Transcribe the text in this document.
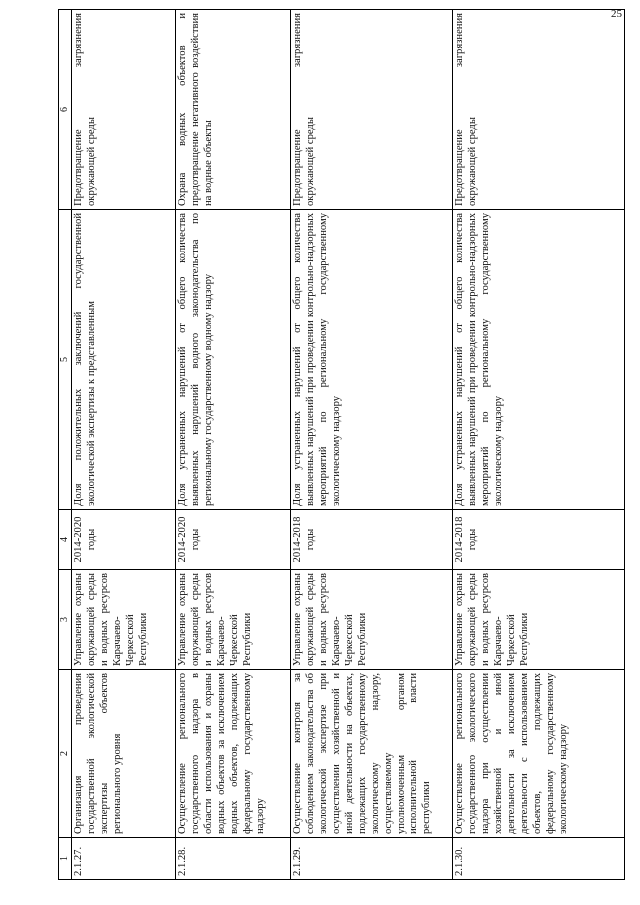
25
1	2	3	4	5	6
2.1.27.	Организация проведения государственной экологической экспертизы объектов регионального уровня	Управление охраны окружающей среды и водных ресурсов Карачаево-Черкесской Республики	2014-2020 годы	Доля положительных заключений государственной экологической экспертизы к представленным	Предотвращение загрязнения окружающей среды
2.1.28.	Осуществление регионального государственного надзора в области использования и охраны водных объектов за исключением водных объектов, подлежащих федеральному государственному надзору	Управление охраны окружающей среды и водных ресурсов Карачаево-Черкесской Республики	2014-2020 годы	Доля устраненных нарушений от общего количества выявленных нарушений водного законодательства по региональному государственному водному надзору	Охрана водных объектов и предотвращение негативного воздействия на водные объекты
2.1.29.	Осуществление контроля за соблюдением законодательства об экологической экспертизе при осуществлении хозяйственной и иной деятельности на объектах, подлежащих государственному экологическому надзору, осуществляемому уполномоченным органом исполнительной власти республики	Управление охраны окружающей среды и водных ресурсов Карачаево-Черкесской Республики	2014-2018 годы	Доля устраненных нарушений от общего количества выявленных нарушений при проведении контрольно-надзорных мероприятий по региональному государственному экологическому надзору	Предотвращение загрязнения окружающей среды
2.1.30.	Осуществление регионального государственного экологического надзора при осуществлении хозяйственной и иной деятельности за исключением деятельности с использованием объектов, подлежащих федеральному государственному экологическому надзору	Управление охраны окружающей среды и водных ресурсов Карачаево-Черкесской Республики	2014-2018 годы	Доля устраненных нарушений от общего количества выявленных нарушений при проведении контрольно-надзорных мероприятий по региональному государственному экологическому надзору	Предотвращение загрязнения окружающей среды
